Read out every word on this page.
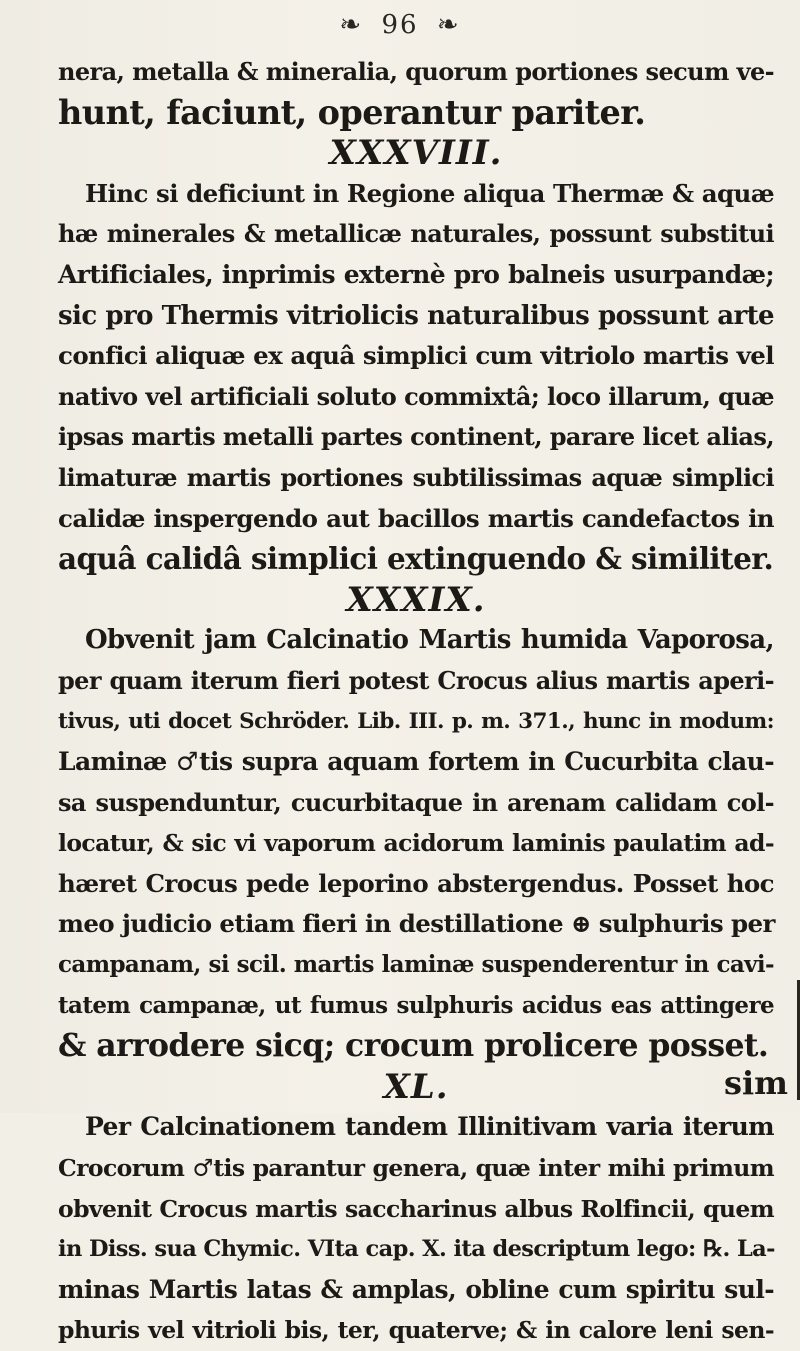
❧ 96 ❧
nera, metalla & mineralia, quorum portiones secum ve-
hunt, faciunt, operantur pariter.
XXXVIII.
Hinc si deficiunt in Regione aliqua Thermæ & aquæ
hæ minerales & metallicæ naturales, possunt substitui
Artificiales, inprimis externè pro balneis usurpandæ;
sic pro Thermis vitriolicis naturalibus possunt arte
confici aliquæ ex aquâ simplici cum vitriolo martis vel
nativo vel artificiali soluto commixtâ; loco illarum, quæ
ipsas martis metalli partes continent, parare licet alias,
limaturæ martis portiones subtilissimas aquæ simplici
calidæ inspergendo aut bacillos martis candefactos in
aquâ calidâ simplici extinguendo & similiter.
XXXIX.
Obvenit jam Calcinatio Martis humida Vaporosa,
per quam iterum fieri potest Crocus alius martis aperi-
tivus, uti docet Schröder. Lib. III. p. m. 371., hunc in modum:
Laminæ ♂tis supra aquam fortem in Cucurbita clau-
sa suspenduntur, cucurbitaque in arenam calidam col-
locatur, & sic vi vaporum acidorum laminis paulatim ad-
hæret Crocus pede leporino abstergendus. Posset hoc
meo judicio etiam fieri in destillatione ⊕ sulphuris per
campanam, si scil. martis laminæ suspenderentur in cavi-
tatem campanæ, ut fumus sulphuris acidus eas attingere
& arrodere sicq; crocum prolicere posset.
XL.
Per Calcinationem tandem Illinitivam varia iterum
Crocorum ♂tis parantur genera, quæ inter mihi primum
obvenit Crocus martis saccharinus albus Rolfincii, quem
in Diss. sua Chymic. VIta cap. X. ita descriptum lego: ℞. La-
minas Martis latas & amplas, obline cum spiritu sul-
phuris vel vitrioli bis, ter, quaterve; & in calore leni sen-
sim
